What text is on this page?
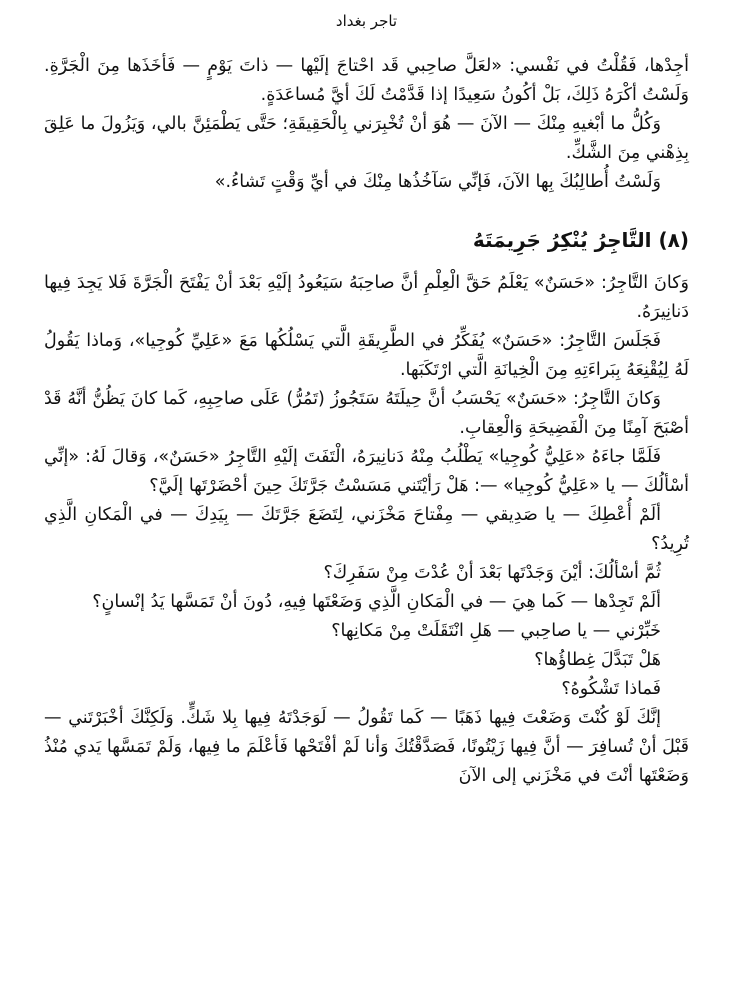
تاجر بغداد

أجِدْها، فَقُلْتُ في نَفْسي: «لعَلَّ صاحِبي قَد احْتاجَ إلَيْها — ذاتَ يَوْمٍ — فَأخَذَها مِنَ الْجَرَّةِ. وَلَسْتُ أكْرَهُ ذَلِكَ، بَلْ أكُونُ سَعِيدًا إذا قَدَّمْتُ لَكَ أيَّ مُساعَدَةٍ.

وَكُلُّ ما أبْغيهِ مِنْكَ — الآنَ — هُوَ أنْ تُخْبِرَني بِالْحَقِيقَةِ؛ حَتَّى يَطْمَئِنَّ بالي، وَيَزُولَ ما عَلِقَ بِذِهْني مِنَ الشَّكِّ.

وَلَسْتُ أُطالِبُكَ بِها الآنَ، فَإنِّي سَآخُذُها مِنْكَ في أيِّ وَقْتٍ تَشاءُ.»

(٨) التَّاجِرُ يُنْكِرُ جَرِيمَتَهُ

وَكانَ التَّاجِرُ: «حَسَنٌ» يَعْلَمُ حَقَّ الْعِلْمِ أنَّ صاحِبَهُ سَيَعُودُ إلَيْهِ بَعْدَ أنْ يَفْتَحَ الْجَرَّةَ فَلا يَجِدَ فِيها دَنانِيرَهُ.

فَجَلَسَ التَّاجِرُ: «حَسَنٌ» يُفَكِّرُ في الطَّرِيقَةِ الَّتي يَسْلُكُها مَعَ «عَلِيِّ كُوجِيا»، وَماذا يَقُولُ لَهُ لِيُقْنِعَهُ بِبَراءَتِهِ مِنَ الْخِيانَةِ الَّتي ارْتَكَبَها.

وَكانَ التَّاجِرُ: «حَسَنٌ» يَحْسَبُ أنَّ حِيلَتَهُ سَتَجُوزُ (تَمُرُّ) عَلَى صاحِبِهِ، كَما كانَ يَظُنُّ أنَّهُ قَدْ أصْبَحَ آمِنًا مِنَ الْفَضِيحَةِ وَالْعِقابِ.

فَلَمَّا جاءَهُ «عَلِيُّ كُوجِيا» يَطْلُبُ مِنْهُ دَنانِيرَهُ، الْتَفَتَ إلَيْهِ التَّاجِرُ «حَسَنٌ»، وَقالَ لَهُ: «إنِّي أسْألُكَ — يا «عَلِيُّ كُوجِيا» —: هَلْ رَأيْتَني مَسَسْتُ جَرَّتَكَ حِينَ أحْضَرْتَها إلَيَّ؟

ألَمْ أُعْطِكَ — يا صَدِيقي — مِفْتاحَ مَخْزَني، لِتَضَعَ جَرَّتَكَ — بِيَدِكَ — في الْمَكانِ الَّذِي تُرِيدُ؟

ثُمَّ أسْألُكَ: أيْنَ وَجَدْتَها بَعْدَ أنْ عُدْتَ مِنْ سَفَرِكَ؟

ألَمْ تَجِدْها — كَما هِيَ — في الْمَكانِ الَّذِي وَضَعْتَها فِيهِ، دُونَ أنْ تَمَسَّها يَدُ إنْسانٍ؟

خَبِّرْني — يا صاحِبي — هَلِ انْتَقَلَتْ مِنْ مَكانِها؟

هَلْ تَبَدَّلَ غِطاؤُها؟

فَماذا تَشْكُوهُ؟

إنَّكَ لَوْ كُنْتَ وَضَعْتَ فِيها ذَهَبًا — كَما تَقُولُ — لَوَجَدْتَهُ فِيها بِلا شَكٍّ. وَلَكِنَّكَ أخْبَرْتَني — قَبْلَ أنْ تُسافِرَ — أنَّ فِيها زَيْتُونًا، فَصَدَّقْتُكَ وَأنا لَمْ أفْتَحْها فَأعْلَمَ ما فِيها، وَلَمْ تَمَسَّها يَدي مُنْذُ وَضَعْتَها أنْتَ في مَخْزَني إلى الآنَ
